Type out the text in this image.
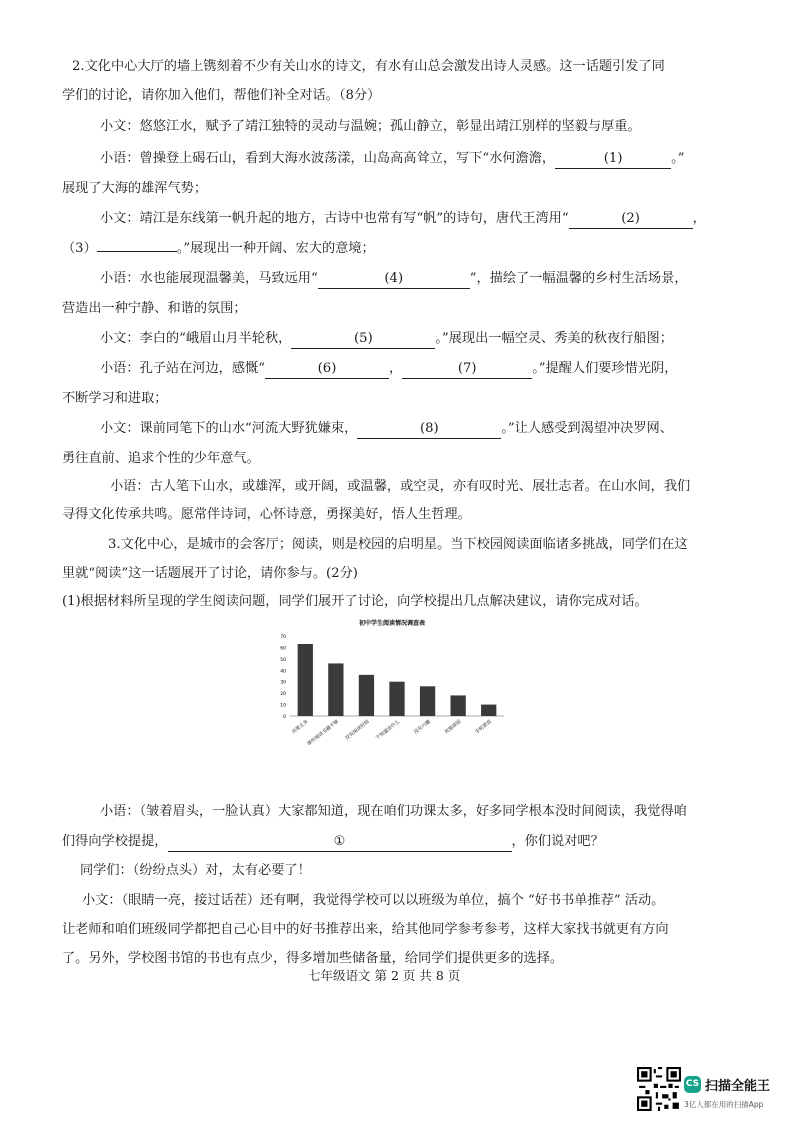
2.文化中心大厅的墙上镌刻着不少有关山水的诗文，有水有山总会激发出诗人灵感。这一话题引发了同
学们的讨论，请你加入他们，帮他们补全对话。（8分）
小文：悠悠江水，赋予了靖江独特的灵动与温婉；孤山静立，彰显出靖江别样的坚毅与厚重。
小语：曾操登上碣石山，看到大海水波荡漾，山岛高高耸立，写下“水何澹澹，	(1)	。”
展现了大海的雄浑气势；
小文：靖江是东线第一帆升起的地方，古诗中也常有写“帆”的诗句，唐代王湾用“	(2)	，
（3）	。”展现出一种开阔、宏大的意境；
小语：水也能展现温馨美，马致远用“	(4)	”，描绘了一幅温馨的乡村生活场景，
营造出一种宁静、和谐的氛围；
小文：李白的“峨眉山月半轮秋，	(5)	。”展现出一幅空灵、秀美的秋夜行船图；
小语：孔子站在河边，感慨“	(6)	，	(7)	。”提醒人们要珍惜光阴，
不断学习和进取；
小文：课前同笔下的山水“河流大野犹嫌束，	(8)	。”让人感受到渴望冲决罗网、
勇往直前、追求个性的少年意气。
小语：古人笔下山水，或雄浑，或开阔，或温馨，或空灵，亦有叹时光、展壮志者。在山水间，我们
寻得文化传承共鸣。愿常伴诗词，心怀诗意，勇探美好，悟人生哲理。
3.文化中心，是城市的会客厅；阅读，则是校园的启明星。当下校园阅读面临诸多挑战，同学们在这
里就“阅读”这一话题展开了讨论，请你参与。(2分)
(1)根据材料所呈现的学生阅读问题，同学们展开了讨论，向学校提出几点解决建议，请你完成对话。
初中学生阅读情况调查表
0
10
20
30
40
50
60
70
功课太多
课外阅读书籍不够 没有阅读时间 不知道读什么	没有兴趣	其他原因	手机游戏
小语：（皱着眉头，一脸认真）大家都知道，现在咱们功课太多，好多同学根本没时间阅读，我觉得咱
们得向学校提提，	①	，你们说对吧？
同学们：（纷纷点头）对，太有必要了！
小文：（眼睛一亮，接过话茬）还有啊，我觉得学校可以以班级为单位，搞个 “好书书单推荐” 活动。
让老师和咱们班级同学都把自己心目中的好书推荐出来，给其他同学参考参考，这样大家找书就更有方向
了。另外，学校图书馆的书也有点少，得多增加些储备量，给同学们提供更多的选择。
七年级语文 第 2 页 共 8 页
CS 扫描全能王
3亿人都在用的扫描App
